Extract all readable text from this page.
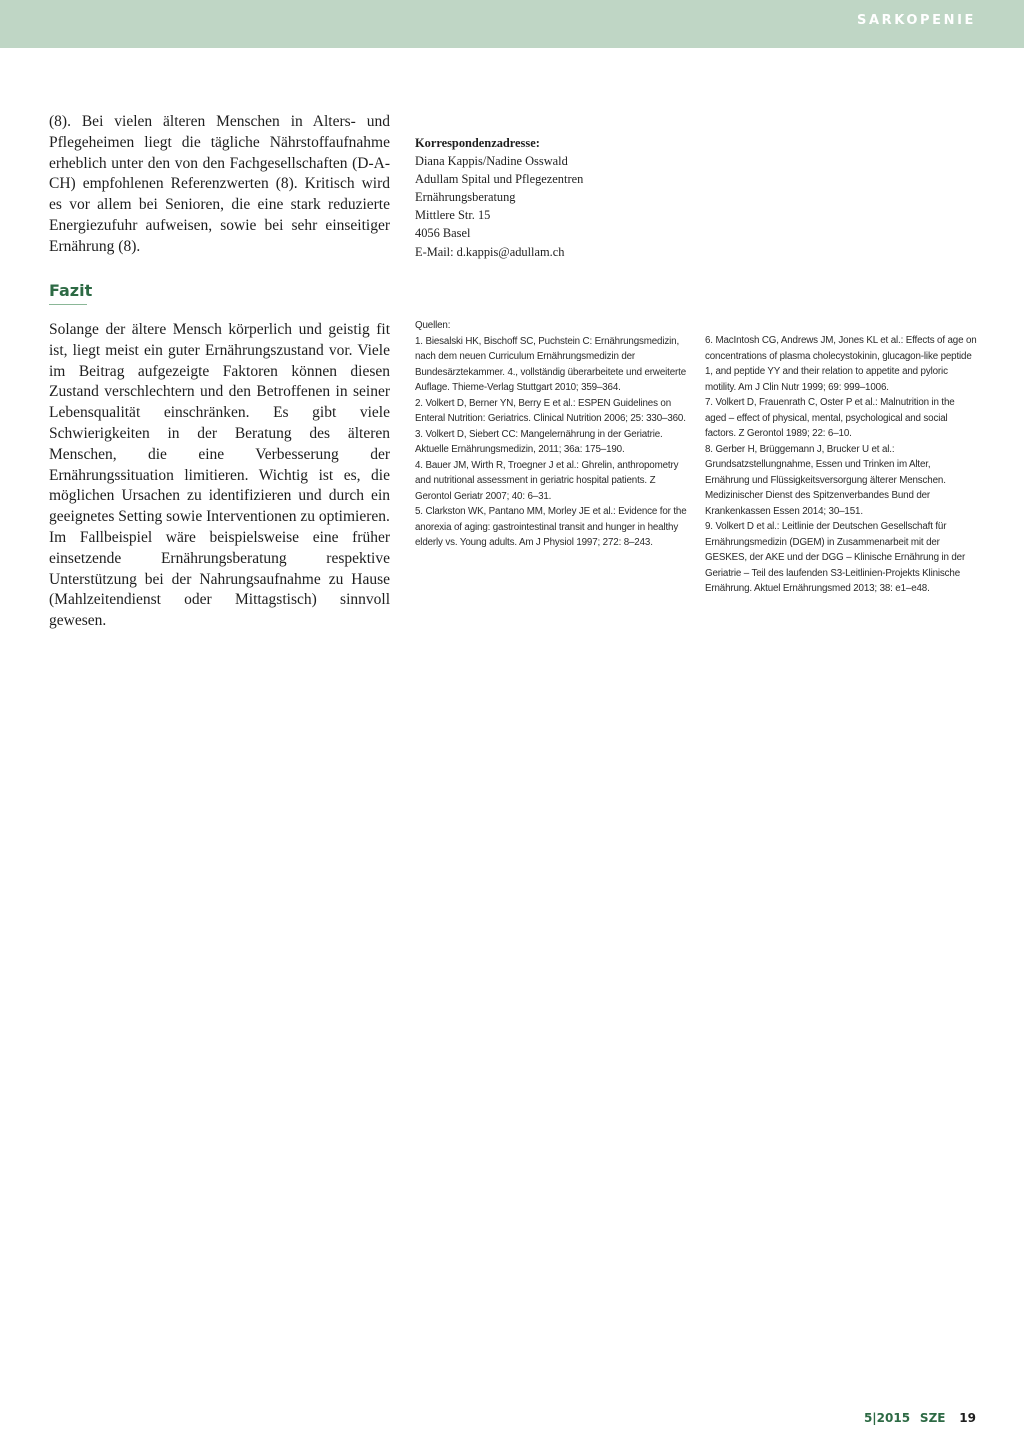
SARKOPENIE

(8). Bei vielen älteren Menschen in Alters- und Pflegeheimen liegt die tägliche Nährstoffaufnahme erheblich unter den von den Fachgesellschaften (D-A-CH) empfohlenen Referenzwerten (8). Kritisch wird es vor allem bei Senioren, die eine stark reduzierte Energiezufuhr aufweisen, sowie bei sehr einseitiger Ernährung (8).

Fazit

Solange der ältere Mensch körperlich und geistig fit ist, liegt meist ein guter Ernährungszustand vor. Viele im Beitrag aufgezeigte Faktoren können diesen Zustand verschlechtern und den Betroffenen in seiner Lebensqualität einschränken. Es gibt viele Schwierigkeiten in der Beratung des älteren Menschen, die eine Verbesserung der Ernährungssituation limitieren. Wichtig ist es, die möglichen Ursachen zu identifizieren und durch ein geeignetes Setting sowie Interventionen zu optimieren.

Im Fallbeispiel wäre beispielsweise eine früher einsetzende Ernährungsberatung respektive Unterstützung bei der Nahrungsaufnahme zu Hause (Mahlzeitendienst oder Mittagstisch) sinnvoll gewesen.

Korrespondenzadresse:
Diana Kappis/Nadine Osswald
Adullam Spital und Pflegezentren
Ernährungsberatung
Mittlere Str. 15
4056 Basel
E-Mail: d.kappis@adullam.ch

Quellen:

1. Biesalski HK, Bischoff SC, Puchstein C: Ernährungsmedizin, nach dem neuen Curriculum Ernährungsmedizin der Bundesärztekammer. 4., vollständig überarbeitete und erweiterte Auflage. Thieme-Verlag Stuttgart 2010; 359–364.

2. Volkert D, Berner YN, Berry E et al.: ESPEN Guidelines on Enteral Nutrition: Geriatrics. Clinical Nutrition 2006; 25: 330–360.

3. Volkert D, Siebert CC: Mangelernährung in der Geriatrie. Aktuelle Ernährungsmedizin, 2011; 36a: 175–190.

4. Bauer JM, Wirth R, Troegner J et al.: Ghrelin, anthropometry and nutritional assessment in geriatric hospital patients. Z Gerontol Geriatr 2007; 40: 6–31.

5. Clarkston WK, Pantano MM, Morley JE et al.: Evidence for the anorexia of aging: gastrointestinal transit and hunger in healthy elderly vs. Young adults. Am J Physiol 1997; 272: 8–243.

6. MacIntosh CG, Andrews JM, Jones KL et al.: Effects of age on concentrations of plasma cholecystokinin, glucagon-like peptide 1, and peptide YY and their relation to appetite and pyloric motility. Am J Clin Nutr 1999; 69: 999–1006.

7. Volkert D, Frauenrath C, Oster P et al.: Malnutrition in the aged – effect of physical, mental, psychological and social factors. Z Gerontol 1989; 22: 6–10.

8. Gerber H, Brüggemann J, Brucker U et al.: Grundsatzstellungnahme, Essen und Trinken im Alter, Ernährung und Flüssigkeitsversorgung älterer Menschen. Medizinischer Dienst des Spitzenverbandes Bund der Krankenkassen Essen 2014; 30–151.

9. Volkert D et al.: Leitlinie der Deutschen Gesellschaft für Ernährungsmedizin (DGEM) in Zusammenarbeit mit der GESKES, der AKE und der DGG – Klinische Ernährung in der Geriatrie – Teil des laufenden S3-Leitlinien-Projekts Klinische Ernährung. Aktuel Ernährungsmed 2013; 38: e1–e48.

5|2015 SZE 19
